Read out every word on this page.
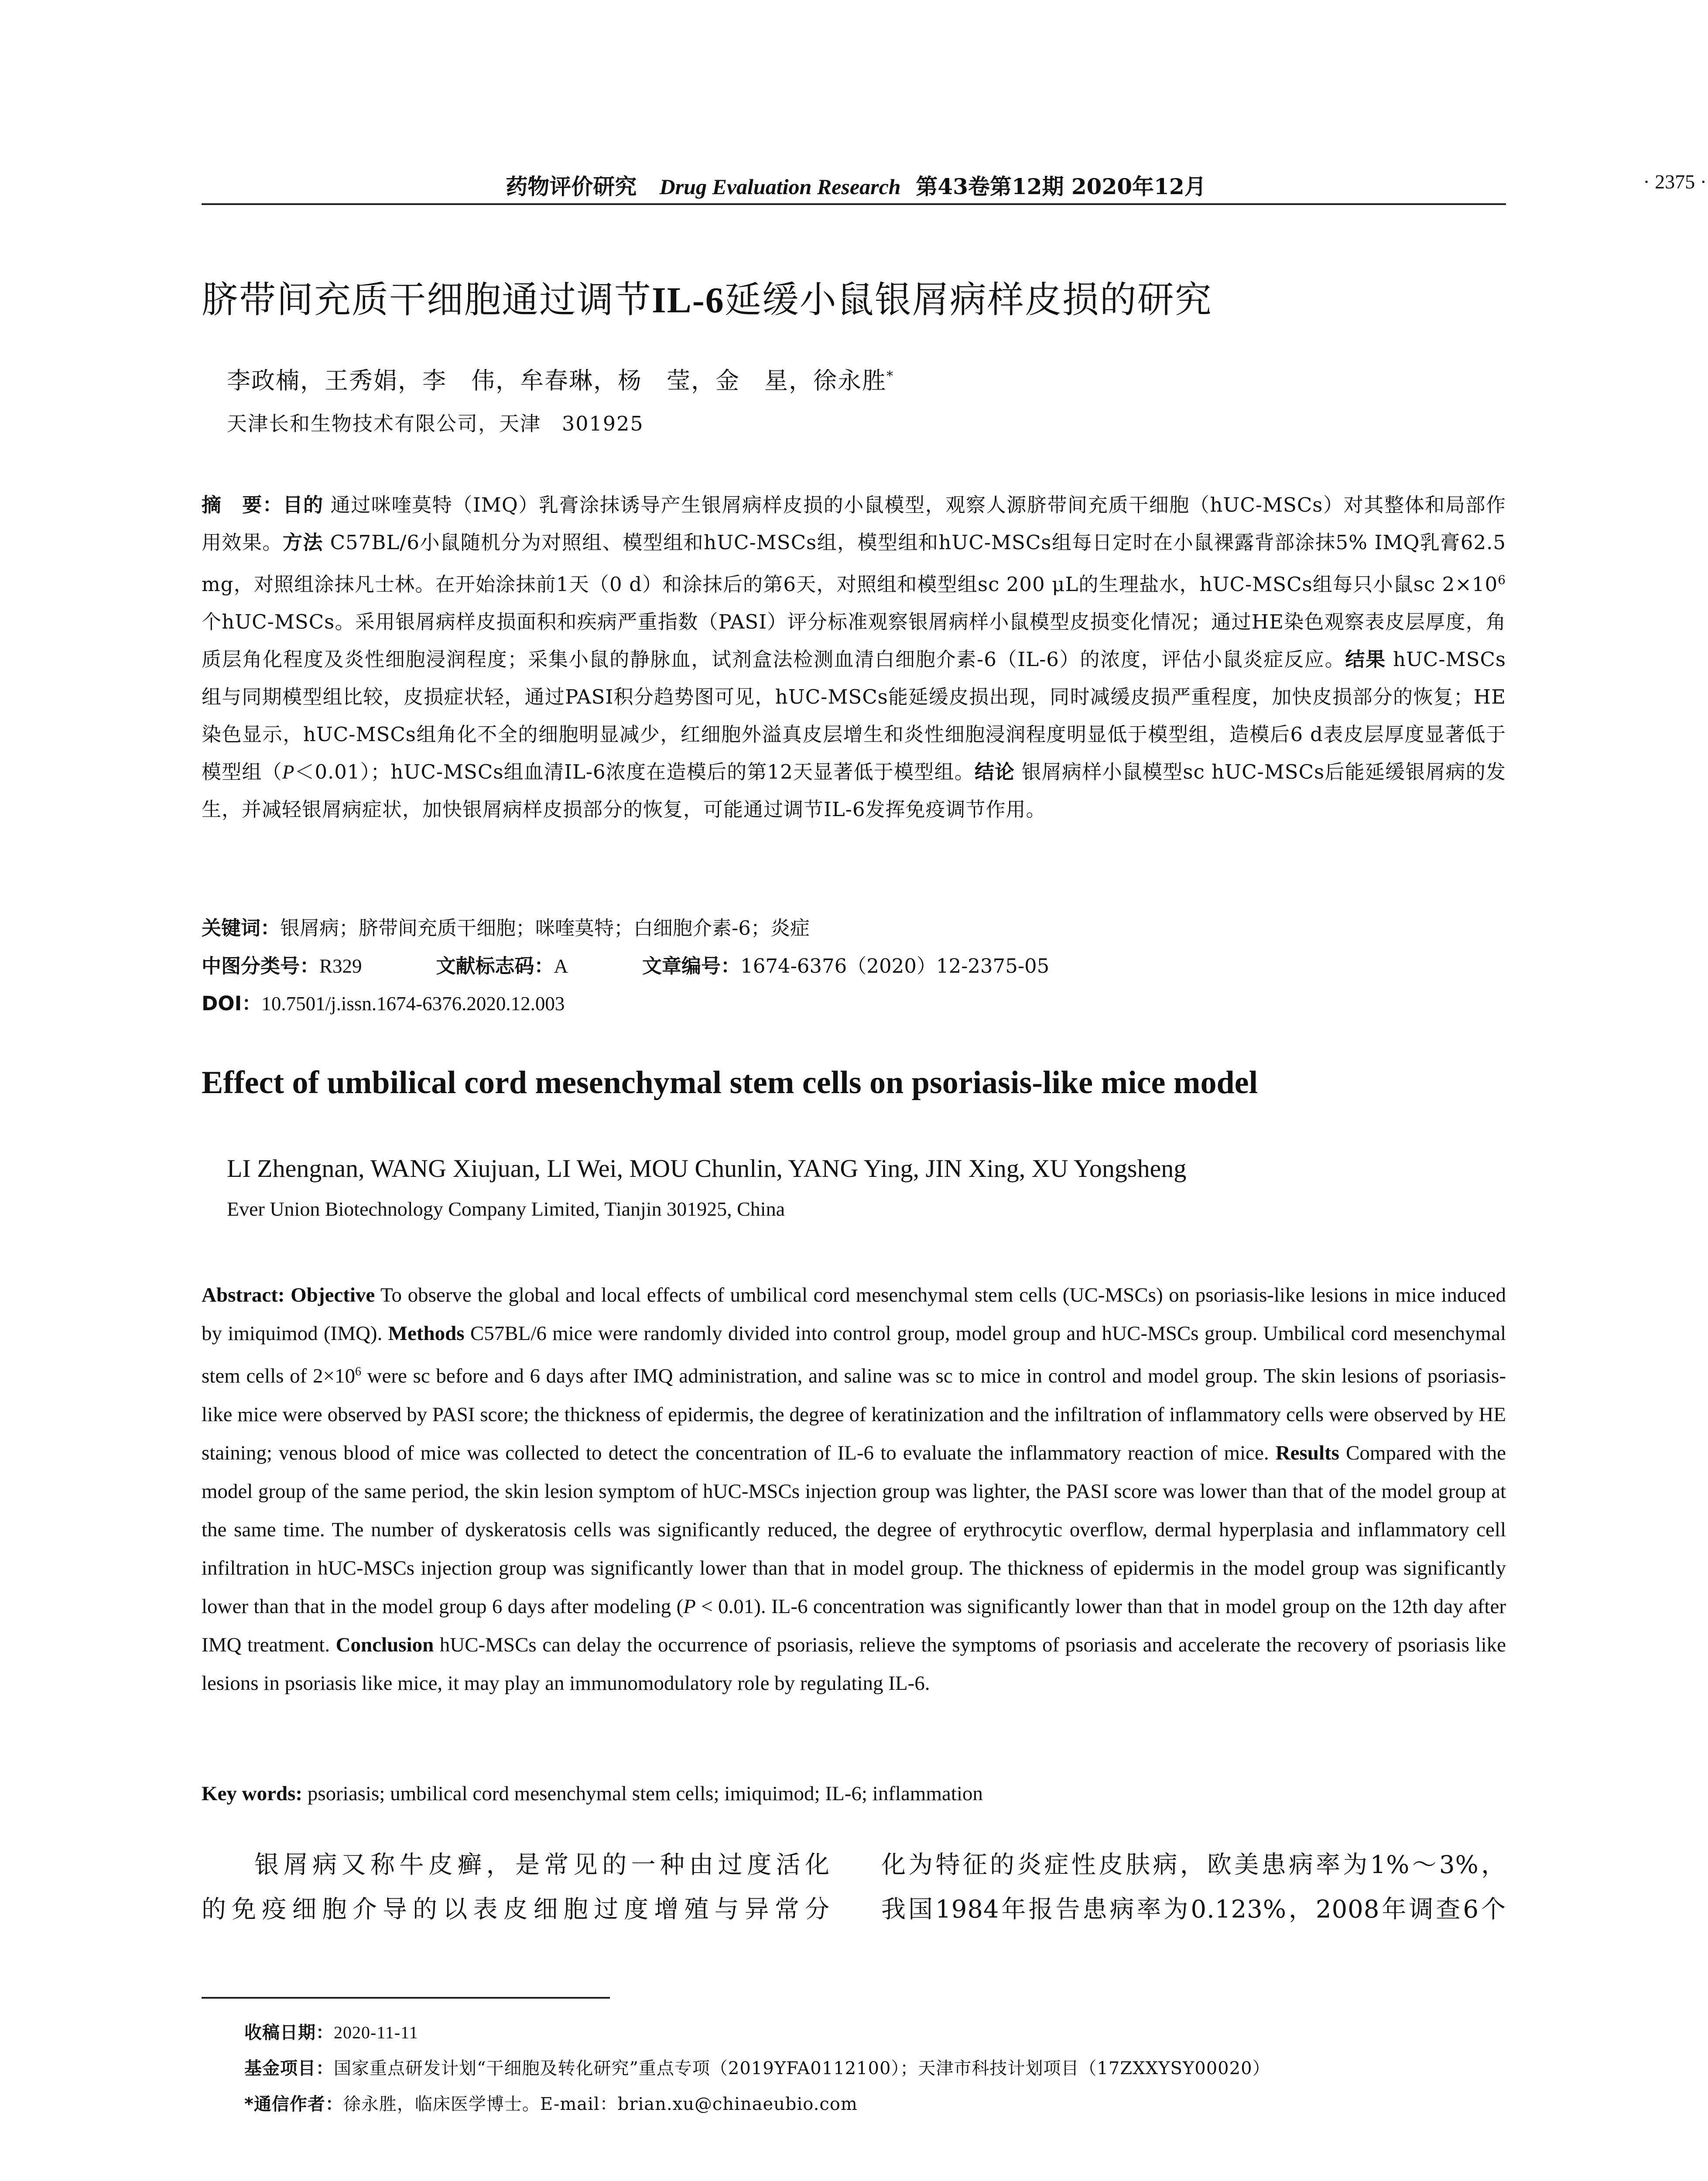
药物评价研究 Drug Evaluation Research 第43卷第12期 2020年12月	· 2375 ·
脐带间充质干细胞通过调节IL-6延缓小鼠银屑病样皮损的研究
李政楠，王秀娟，李　伟，牟春琳，杨　莹，金　星，徐永胜*
天津长和生物技术有限公司，天津　301925
摘　要：目的 通过咪喹莫特（IMQ）乳膏涂抹诱导产生银屑病样皮损的小鼠模型，观察人源脐带间充质干细胞（hUC-MSCs）对其整体和局部作用效果。方法 C57BL/6小鼠随机分为对照组、模型组和hUC-MSCs组，模型组和hUC-MSCs组每日定时在小鼠裸露背部涂抹5% IMQ乳膏62.5 mg，对照组涂抹凡士林。在开始涂抹前1天（0 d）和涂抹后的第6天，对照组和模型组sc 200 μL的生理盐水，hUC-MSCs组每只小鼠sc $2\times 10^6$个hUC-MSCs。采用银屑病样皮损面积和疾病严重指数（PASI）评分标准观察银屑病样小鼠模型皮损变化情况；通过HE染色观察表皮层厚度，角质层角化程度及炎性细胞浸润程度；采集小鼠的静脉血，试剂盒法检测血清白细胞介素-6（IL-6）的浓度，评估小鼠炎症反应。结果 hUC-MSCs组与同期模型组比较，皮损症状轻，通过PASI积分趋势图可见，hUC-MSCs能延缓皮损出现，同时减缓皮损严重程度，加快皮损部分的恢复；HE染色显示，hUC-MSCs组角化不全的细胞明显减少，红细胞外溢真皮层增生和炎性细胞浸润程度明显低于模型组，造模后6 d表皮层厚度显著低于模型组（P＜0.01）；hUC-MSCs组血清IL-6浓度在造模后的第12天显著低于模型组。结论 银屑病样小鼠模型sc hUC-MSCs后能延缓银屑病的发生，并减轻银屑病症状，加快银屑病样皮损部分的恢复，可能通过调节IL-6发挥免疫调节作用。
关键词：银屑病；脐带间充质干细胞；咪喹莫特；白细胞介素-6；炎症
中图分类号：R329	文献标志码：A	文章编号：1674-6376（2020）12-2375-05
DOI：10.7501/j.issn.1674-6376.2020.12.003
Effect of umbilical cord mesenchymal stem cells on psoriasis-like mice model
LI Zhengnan, WANG Xiujuan, LI Wei, MOU Chunlin, YANG Ying, JIN Xing, XU Yongsheng
Ever Union Biotechnology Company Limited, Tianjin 301925, China
Abstract: Objective To observe the global and local effects of umbilical cord mesenchymal stem cells (UC-MSCs) on psoriasis-like lesions in mice induced by imiquimod (IMQ). Methods C57BL/6 mice were randomly divided into control group, model group and hUC-MSCs group. Umbilical cord mesenchymal stem cells of $2\times 10^6$ were sc before and 6 days after IMQ administration, and saline was sc to mice in control and model group. The skin lesions of psoriasis-like mice were observed by PASI score; the thickness of epidermis, the degree of keratinization and the infiltration of inflammatory cells were observed by HE staining; venous blood of mice was collected to detect the concentration of IL-6 to evaluate the inflammatory reaction of mice. Results Compared with the model group of the same period, the skin lesion symptom of hUC-MSCs injection group was lighter, the PASI score was lower than that of the model group at the same time. The number of dyskeratosis cells was significantly reduced, the degree of erythrocytic overflow, dermal hyperplasia and inflammatory cell infiltration in hUC-MSCs injection group was significantly lower than that in model group. The thickness of epidermis in the model group was significantly lower than that in the model group 6 days after modeling (P < 0.01). IL-6 concentration was significantly lower than that in model group on the 12th day after IMQ treatment. Conclusion hUC-MSCs can delay the occurrence of psoriasis, relieve the symptoms of psoriasis and accelerate the recovery of psoriasis like lesions in psoriasis like mice, it may play an immunomodulatory role by regulating IL-6.
Key words: psoriasis; umbilical cord mesenchymal stem cells; imiquimod; IL-6; inflammation
银屑病又称牛皮癣，是常见的一种由过度活化
的免疫细胞介导的以表皮细胞过度增殖与异常分
化为特征的炎症性皮肤病，欧美患病率为1%～3%，
我国1984年报告患病率为0.123%，2008年调查6个
收稿日期：2020-11-11
基金项目：国家重点研发计划“干细胞及转化研究”重点专项（2019YFA0112100）；天津市科技计划项目（17ZXXYSY00020）
*通信作者：徐永胜，临床医学博士。E-mail：brian.xu@chinaeubio.com
